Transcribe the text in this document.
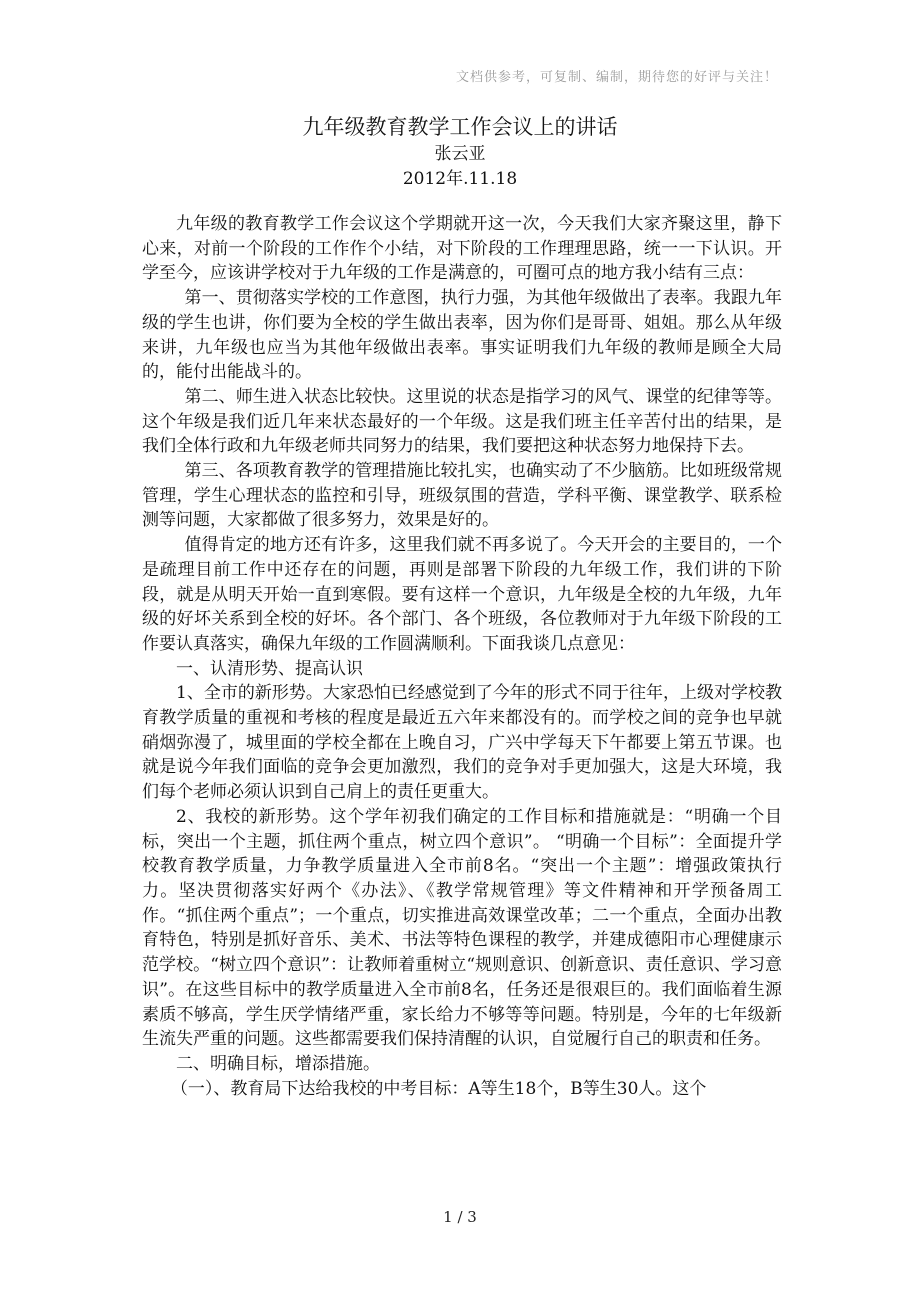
文档供参考，可复制、编制，期待您的好评与关注！
九年级教育教学工作会议上的讲话
张云亚
2012年.11.18

九年级的教育教学工作会议这个学期就开这一次，今天我们大家齐聚这里，静下心来，对前一个阶段的工作作个小结，对下阶段的工作理理思路，统一一下认识。开学至今，应该讲学校对于九年级的工作是满意的，可圈可点的地方我小结有三点：

第一、贯彻落实学校的工作意图，执行力强，为其他年级做出了表率。我跟九年级的学生也讲，你们要为全校的学生做出表率，因为你们是哥哥、姐姐。那么从年级来讲，九年级也应当为其他年级做出表率。事实证明我们九年级的教师是顾全大局的，能付出能战斗的。

第二、师生进入状态比较快。这里说的状态是指学习的风气、课堂的纪律等等。这个年级是我们近几年来状态最好的一个年级。这是我们班主任辛苦付出的结果，是我们全体行政和九年级老师共同努力的结果，我们要把这种状态努力地保持下去。

第三、各项教育教学的管理措施比较扎实，也确实动了不少脑筋。比如班级常规管理，学生心理状态的监控和引导，班级氛围的营造，学科平衡、课堂教学、联系检测等问题，大家都做了很多努力，效果是好的。

值得肯定的地方还有许多，这里我们就不再多说了。今天开会的主要目的，一个是疏理目前工作中还存在的问题，再则是部署下阶段的九年级工作，我们讲的下阶段，就是从明天开始一直到寒假。要有这样一个意识，九年级是全校的九年级，九年级的好坏关系到全校的好坏。各个部门、各个班级，各位教师对于九年级下阶段的工作要认真落实，确保九年级的工作圆满顺利。下面我谈几点意见：

一、认清形势、提高认识

1、全市的新形势。大家恐怕已经感觉到了今年的形式不同于往年，上级对学校教育教学质量的重视和考核的程度是最近五六年来都没有的。而学校之间的竞争也早就硝烟弥漫了，城里面的学校全都在上晚自习，广兴中学每天下午都要上第五节课。也就是说今年我们面临的竞争会更加激烈，我们的竞争对手更加强大，这是大环境，我们每个老师必须认识到自己肩上的责任更重大。

2、我校的新形势。这个学年初我们确定的工作目标和措施就是：“明确一个目标，突出一个主题，抓住两个重点，树立四个意识”。 “明确一个目标”：全面提升学校教育教学质量，力争教学质量进入全市前8名。“突出一个主题”：增强政策执行力。坚决贯彻落实好两个《办法》、《教学常规管理》等文件精神和开学预备周工作。“抓住两个重点”；一个重点，切实推进高效课堂改革；二一个重点，全面办出教育特色，特别是抓好音乐、美术、书法等特色课程的教学，并建成德阳市心理健康示范学校。“树立四个意识”：让教师着重树立“规则意识、创新意识、责任意识、学习意识”。在这些目标中的教学质量进入全市前8名，任务还是很艰巨的。我们面临着生源素质不够高，学生厌学情绪严重，家长给力不够等等问题。特别是，今年的七年级新生流失严重的问题。这些都需要我们保持清醒的认识，自觉履行自己的职责和任务。

二、明确目标，增添措施。

（一）、教育局下达给我校的中考目标：A等生18个，B等生30人。这个

1 / 3
